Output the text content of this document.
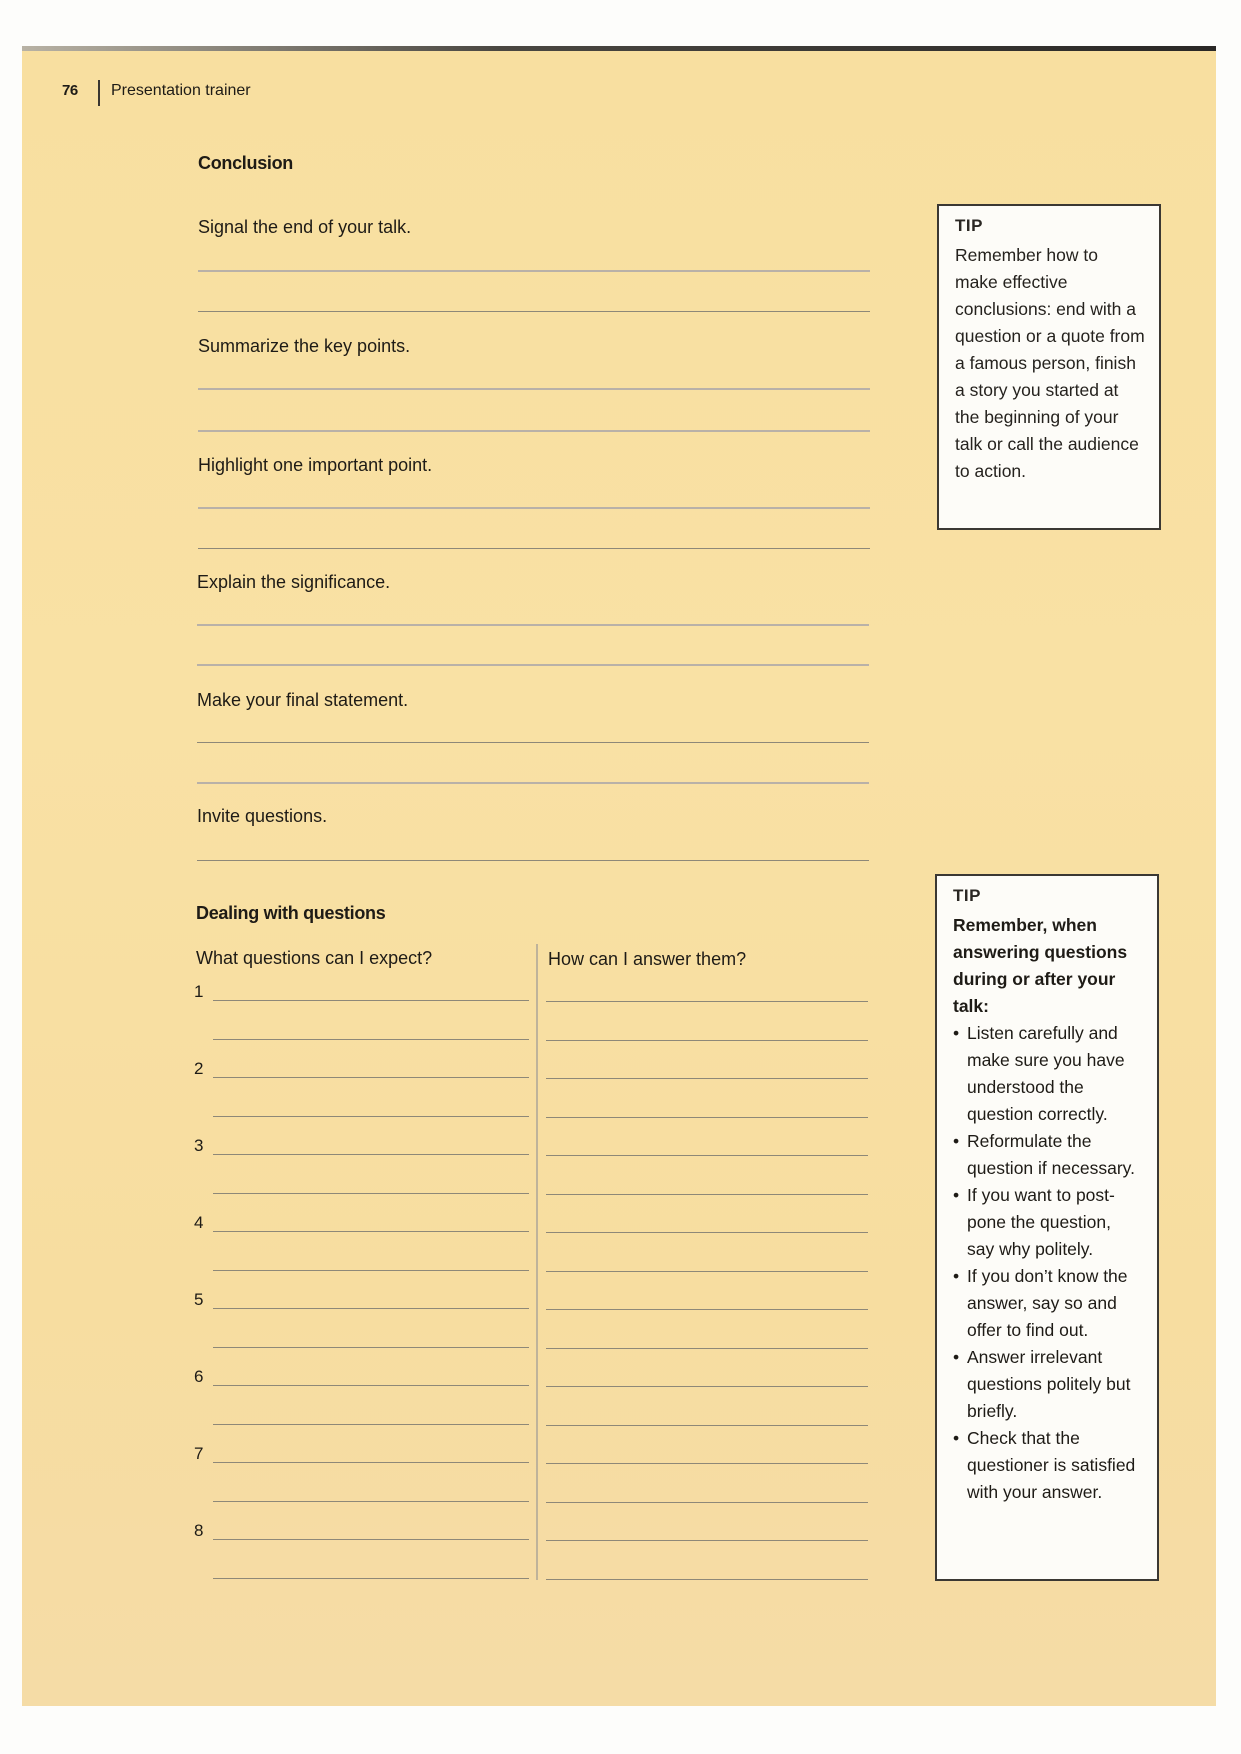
76 Presentation trainer
Conclusion
Signal the end of your talk.
Summarize the key points.
Highlight one important point.
Explain the significance.
Make your final statement.
Invite questions.
Dealing with questions
What questions can I expect?	How can I answer them?
1
2
3
4
5
6
7
8
TIP
Remember how to make effective conclusions: end with a question or a quote from a famous person, finish a story you started at the beginning of your talk or call the audience to action.
TIP
Remember, when answering questions during or after your talk:
• Listen carefully and make sure you have understood the question correctly.
• Reformulate the question if necessary.
• If you want to post-pone the question, say why politely.
• If you don’t know the answer, say so and offer to find out.
• Answer irrelevant questions politely but briefly.
• Check that the questioner is satisfied with your answer.
